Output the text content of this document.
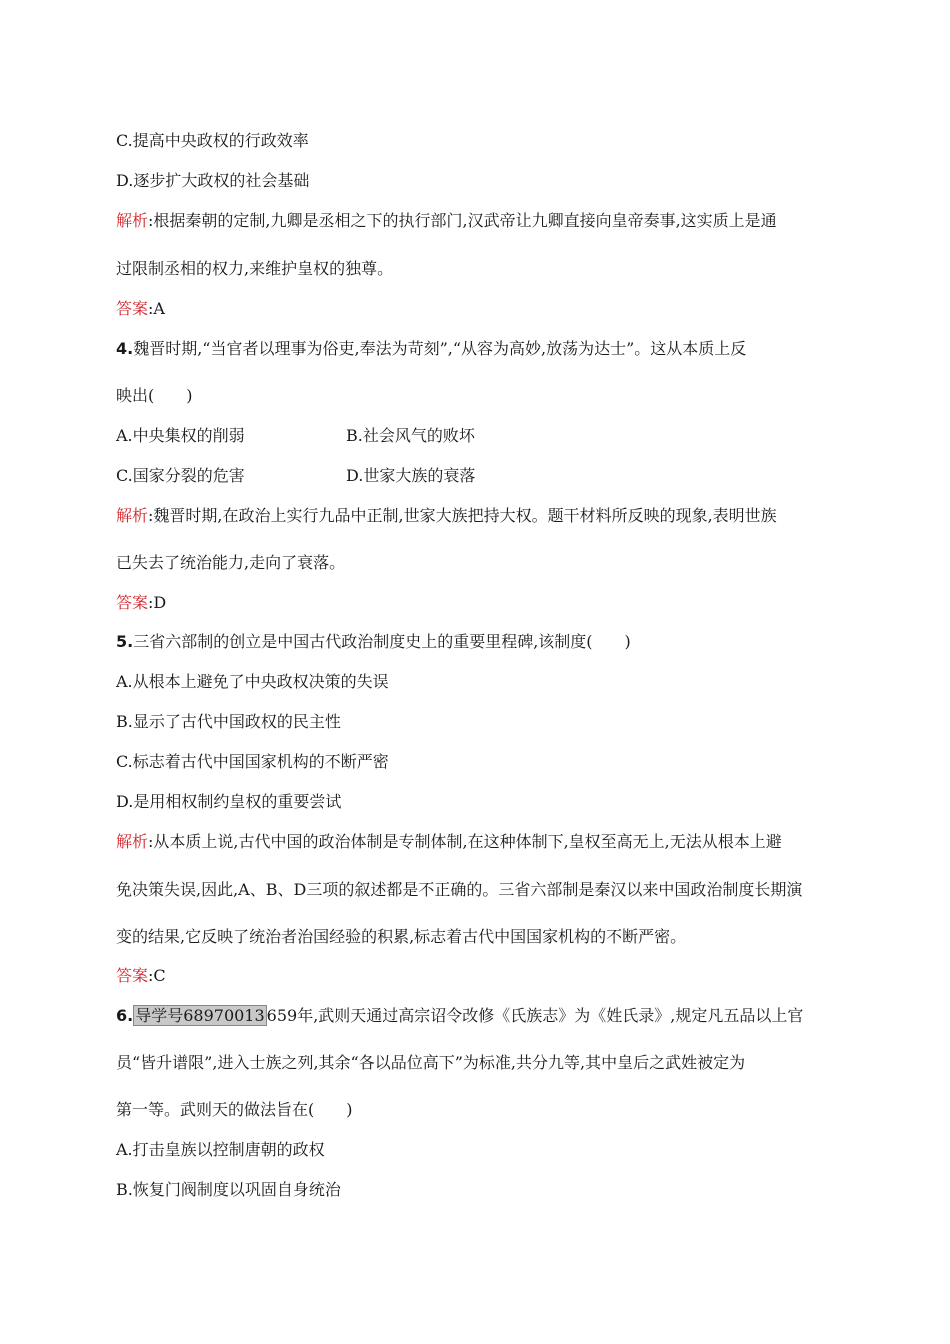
C.提高中央政权的行政效率
D.逐步扩大政权的社会基础
解析:根据秦朝的定制,九卿是丞相之下的执行部门,汉武帝让九卿直接向皇帝奏事,这实质上是通
过限制丞相的权力,来维护皇权的独尊。
答案:A
4.魏晋时期,“当官者以理事为俗吏,奉法为苛刻”,“从容为高妙,放荡为达士”。这从本质上反
映出(　　)
A.中央集权的削弱	B.社会风气的败坏
C.国家分裂的危害	D.世家大族的衰落
解析:魏晋时期,在政治上实行九品中正制,世家大族把持大权。题干材料所反映的现象,表明世族
已失去了统治能力,走向了衰落。
答案:D
5.三省六部制的创立是中国古代政治制度史上的重要里程碑,该制度(　　)
A.从根本上避免了中央政权决策的失误
B.显示了古代中国政权的民主性
C.标志着古代中国国家机构的不断严密
D.是用相权制约皇权的重要尝试
解析:从本质上说,古代中国的政治体制是专制体制,在这种体制下,皇权至高无上,无法从根本上避
免决策失误,因此,A、B、D三项的叙述都是不正确的。三省六部制是秦汉以来中国政治制度长期演
变的结果,它反映了统治者治国经验的积累,标志着古代中国国家机构的不断严密。
答案:C
6. 导学号68970013 659年,武则天通过高宗诏令改修《氏族志》为《姓氏录》,规定凡五品以上官
员“皆升谱限”,进入士族之列,其余“各以品位高下”为标准,共分九等,其中皇后之武姓被定为
第一等。武则天的做法旨在(　　)
A.打击皇族以控制唐朝的政权
B.恢复门阀制度以巩固自身统治
